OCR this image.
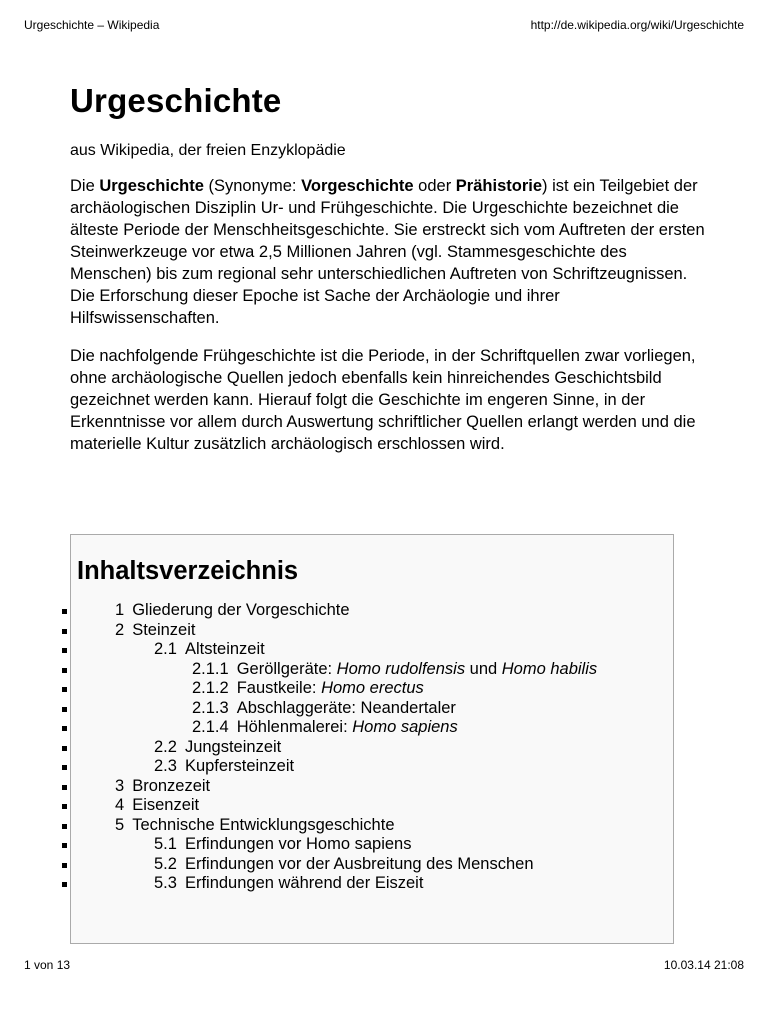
Urgeschichte – Wikipedia	http://de.wikipedia.org/wiki/Urgeschichte
Urgeschichte
aus Wikipedia, der freien Enzyklopädie

Die Urgeschichte (Synonyme: Vorgeschichte oder Prähistorie) ist ein Teilgebiet der archäologischen Disziplin Ur- und Frühgeschichte. Die Urgeschichte bezeichnet die älteste Periode der Menschheitsgeschichte. Sie erstreckt sich vom Auftreten der ersten Steinwerkzeuge vor etwa 2,5 Millionen Jahren (vgl. Stammesgeschichte des Menschen) bis zum regional sehr unterschiedlichen Auftreten von Schriftzeugnissen. Die Erforschung dieser Epoche ist Sache der Archäologie und ihrer Hilfswissenschaften.

Die nachfolgende Frühgeschichte ist die Periode, in der Schriftquellen zwar vorliegen, ohne archäologische Quellen jedoch ebenfalls kein hinreichendes Geschichtsbild gezeichnet werden kann. Hierauf folgt die Geschichte im engeren Sinne, in der Erkenntnisse vor allem durch Auswertung schriftlicher Quellen erlangt werden und die materielle Kultur zusätzlich archäologisch erschlossen wird.

Inhaltsverzeichnis
1 Gliederung der Vorgeschichte
2 Steinzeit
2.1 Altsteinzeit
2.1.1 Geröllgeräte: Homo rudolfensis und Homo habilis
2.1.2 Faustkeile: Homo erectus
2.1.3 Abschlaggeräte: Neandertaler
2.1.4 Höhlenmalerei: Homo sapiens
2.2 Jungsteinzeit
2.3 Kupfersteinzeit
3 Bronzezeit
4 Eisenzeit
5 Technische Entwicklungsgeschichte
5.1 Erfindungen vor Homo sapiens
5.2 Erfindungen vor der Ausbreitung des Menschen
5.3 Erfindungen während der Eiszeit
1 von 13	10.03.14 21:08
